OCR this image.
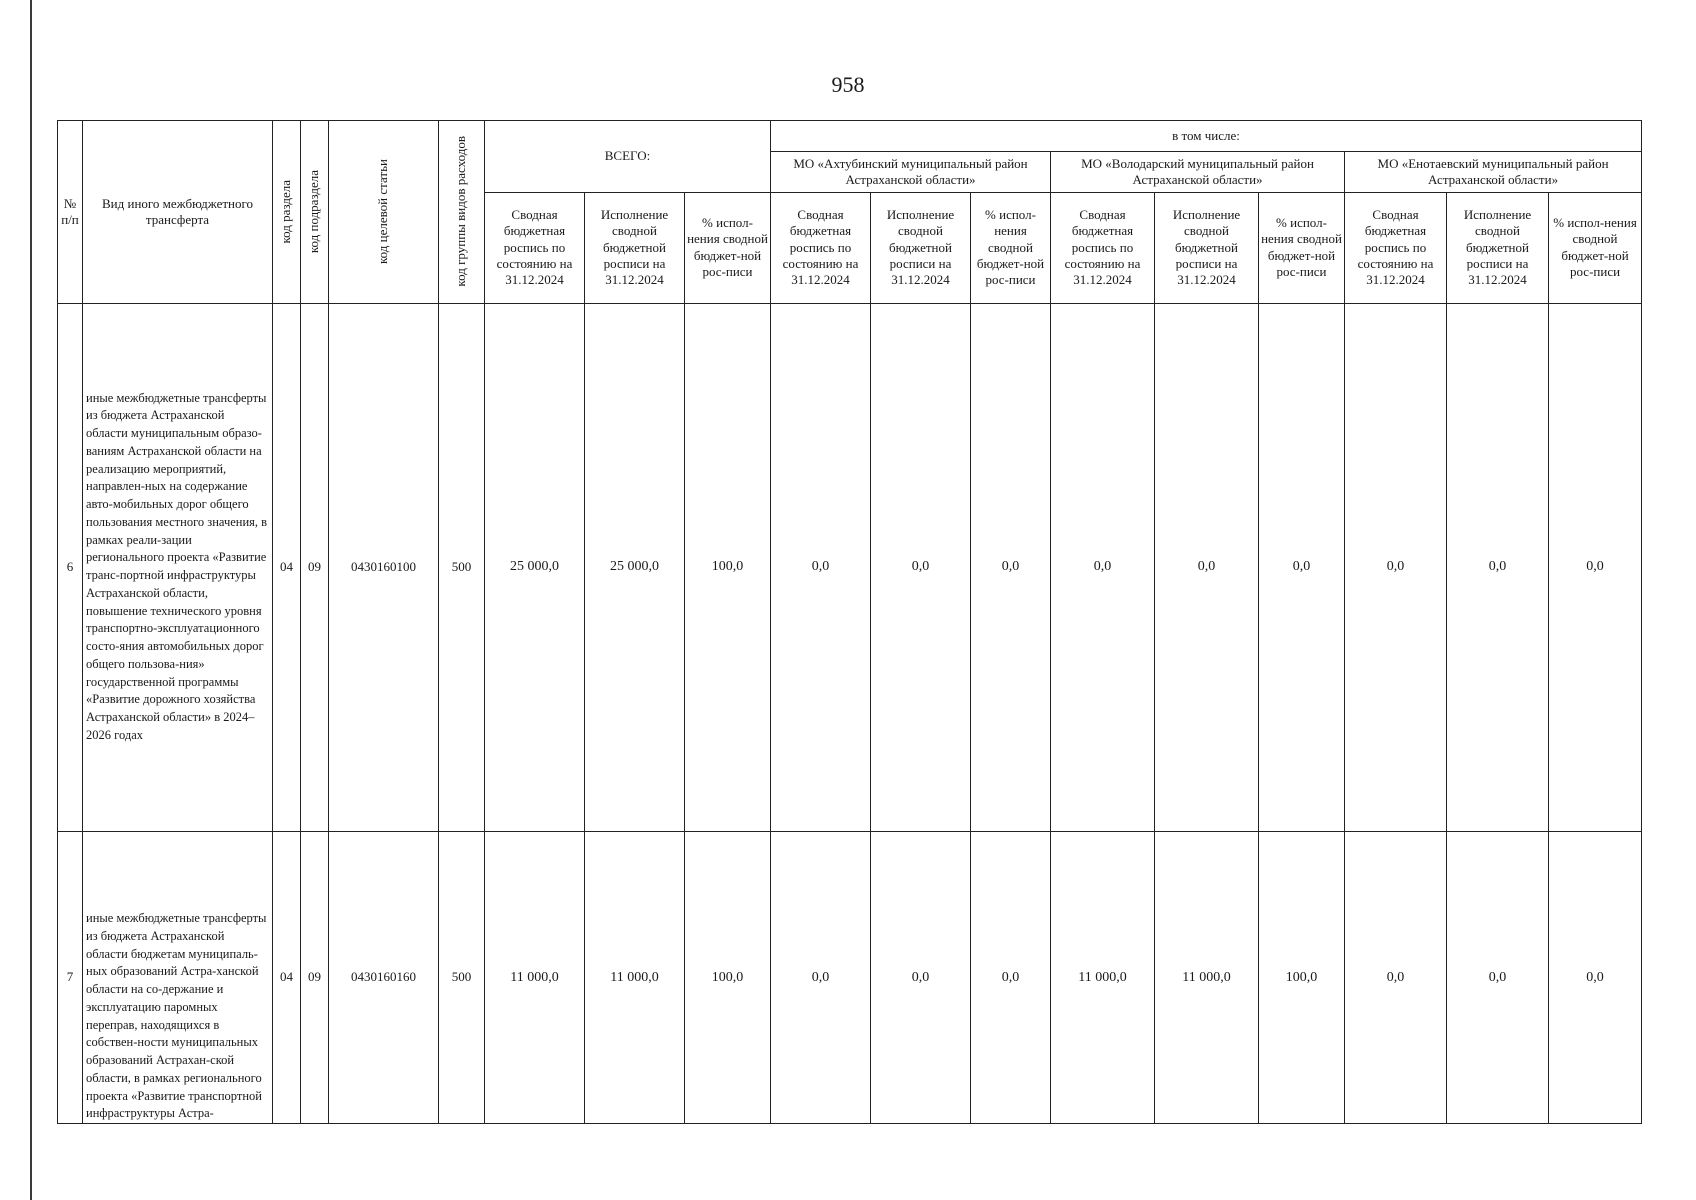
958
№ п/п	Вид иного межбюджетного трансферта	код раздела	код подраздела	код целевой статьи	код группы видов расходов	ВСЕГО:			в том числе:								
									МО «Ахтубинский муниципальный район Астраханской области»			МО «Володарский муниципальный район Астраханской области»			МО «Енотаевский муниципальный район Астраханской области»		
						Сводная бюджетная роспись по состоянию на 31.12.2024	Исполнение сводной бюджетной росписи на 31.12.2024	% испол-нения сводной бюджет-ной рос-писи	Сводная бюджетная роспись по состоянию на 31.12.2024	Исполнение сводной бюджетной росписи на 31.12.2024	% испол-нения сводной бюджет-ной рос-писи	Сводная бюджетная роспись по состоянию на 31.12.2024	Исполнение сводной бюджетной росписи на 31.12.2024	% испол-нения сводной бюджет-ной рос-писи	Сводная бюджетная роспись по состоянию на 31.12.2024	Исполнение сводной бюджетной росписи на 31.12.2024	% испол-нения сводной бюджет-ной рос-писи
6	иные межбюджетные трансферты из бюджета Астраханской области муниципальным образо-ваниям Астраханской области на реализацию мероприятий, направлен-ных на содержание авто-мобильных дорог общего пользования местного значения, в рамках реали-зации регионального проекта «Развитие транс-портной инфраструктуры Астраханской области, повышение технического уровня транспортно-эксплуатационного состо-яния автомобильных дорог общего пользова-ния» государственной программы «Развитие дорожного хозяйства Астраханской области» в 2024–2026 годах	04	09	0430160100	500	25 000,0	25 000,0	100,0	0,0	0,0	0,0	0,0	0,0	0,0	0,0	0,0	0,0
7	иные межбюджетные трансферты из бюджета Астраханской области бюджетам муниципаль-ных образований Астра-ханской области на со-держание и эксплуатацию паромных переправ, находящихся в собствен-ности муниципальных образований Астрахан-ской области, в рамках регионального проекта «Развитие транспортной инфраструктуры Астра-	04	09	0430160160	500	11 000,0	11 000,0	100,0	0,0	0,0	0,0	11 000,0	11 000,0	100,0	0,0	0,0	0,0
